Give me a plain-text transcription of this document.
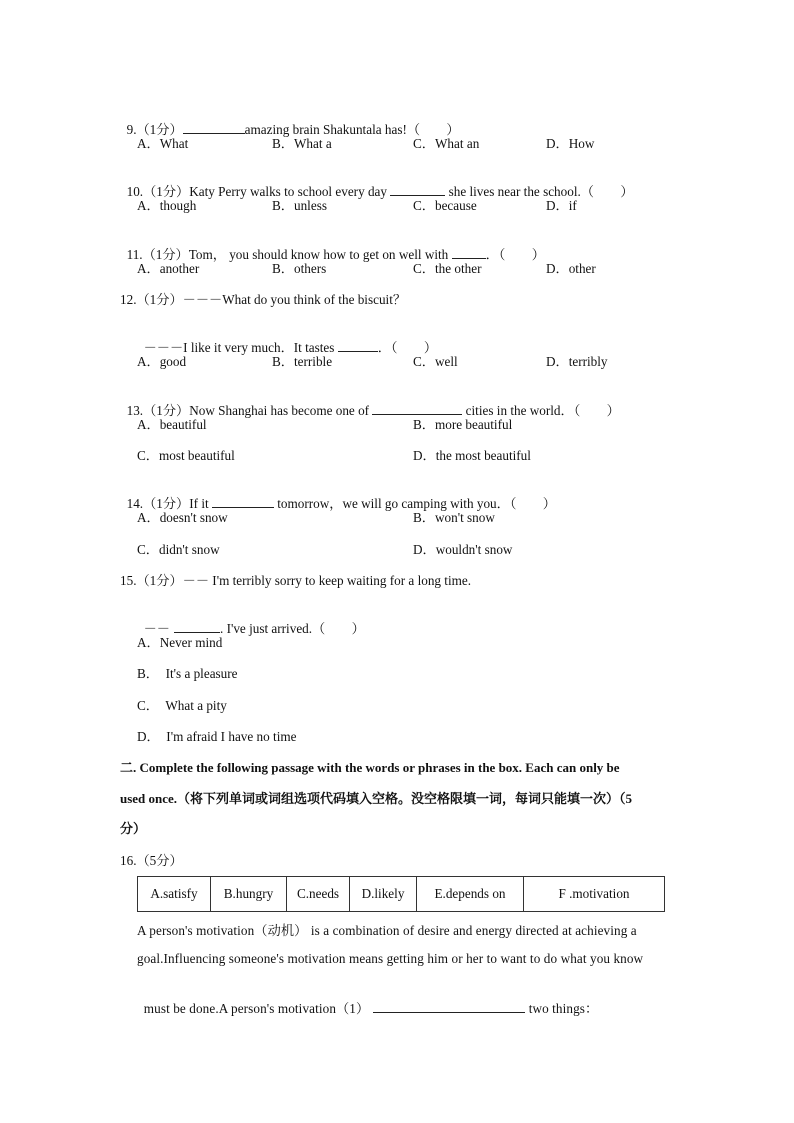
9.（1分）	amazing brain Shakuntala has!（　　）

A．What	B．What a	C．What an	D．How

10.（1分）Katy Perry walks to school every day	she lives near the school.（　　）

A．though	B．unless	C．because	D．if

11.（1分）Tom， you should know how to get on well with	．（　　）

A．another	B．others	C．the other	D．other
12.（1分）－－－What do you think of the biscuit？

－－－I like it very much．It tastes	．（　　）

A．good	B．terrible	C．well	D．terribly

13.（1分）Now Shanghai has become one of	cities in the world．（　　）

A．beautiful	B．more beautiful
C．most beautiful	D．the most beautiful

14.（1分）If it	tomorrow，we will go camping with you．（　　）

A．doesn't snow	B．won't snow
C．didn't snow	D．wouldn't snow
15.（1分）－－ I'm terribly sorry to keep waiting for a long time.

－－	. I've just arrived.（　　）

A．Never mind
B．  It's a pleasure
C．  What a pity
D．  I'm afraid I have no time
二. Complete the following passage with the words or phrases in the box. Each can only be
used once.（将下列单词或词组选项代码填入空格。没空格限填一词，每词只能填一次）（5
分）
16.（5分）
A.satisfy	B.hungry	C.needs	D.likely	E.depends on	F .motivation
A person's motivation（动机） is a combination of desire and energy directed at achieving a
goal.Influencing someone's motivation means getting him or her to want to do what you know

must be done.A person's motivation（1）	two things：
